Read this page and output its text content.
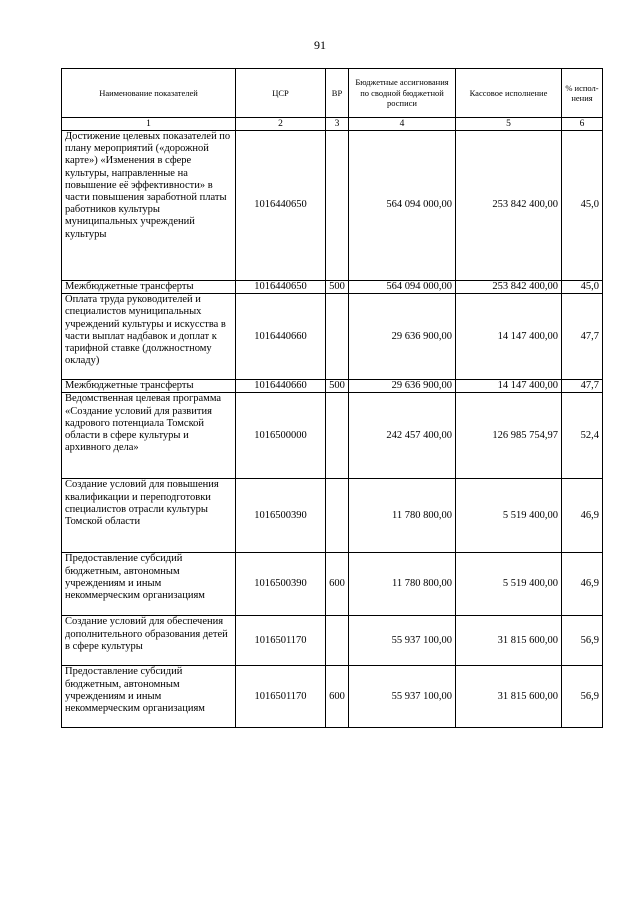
91
Наименование показателей	ЦСР	ВР	Бюджетные ассигнования по сводной бюджетной росписи	Кассовое исполнение	% испол-нения
1	2	3	4	5	6
Достижение целевых показателей по плану мероприятий («дорожной карте») «Изменения в сфере культуры, направленные на повышение её эффективности» в части повышения заработной платы работников культуры муниципальных учреждений культуры	1016440650		564 094 000,00	253 842 400,00	45,0
Межбюджетные трансферты	1016440650	500	564 094 000,00	253 842 400,00	45,0
Оплата труда руководителей и специалистов муниципальных учреждений культуры и искусства в части выплат надбавок и доплат к тарифной ставке (должностному окладу)	1016440660		29 636 900,00	14 147 400,00	47,7
Межбюджетные трансферты	1016440660	500	29 636 900,00	14 147 400,00	47,7
Ведомственная целевая программа «Создание условий для развития кадрового потенциала Томской области в сфере культуры и архивного дела»	1016500000		242 457 400,00	126 985 754,97	52,4
Создание условий для повышения квалификации и переподготовки специалистов отрасли культуры Томской области	1016500390		11 780 800,00	5 519 400,00	46,9
Предоставление субсидий бюджетным, автономным учреждениям и иным некоммерческим организациям	1016500390	600	11 780 800,00	5 519 400,00	46,9
Создание условий для обеспечения дополнительного образования детей в сфере культуры	1016501170		55 937 100,00	31 815 600,00	56,9
Предоставление субсидий бюджетным, автономным учреждениям и иным некоммерческим организациям	1016501170	600	55 937 100,00	31 815 600,00	56,9
